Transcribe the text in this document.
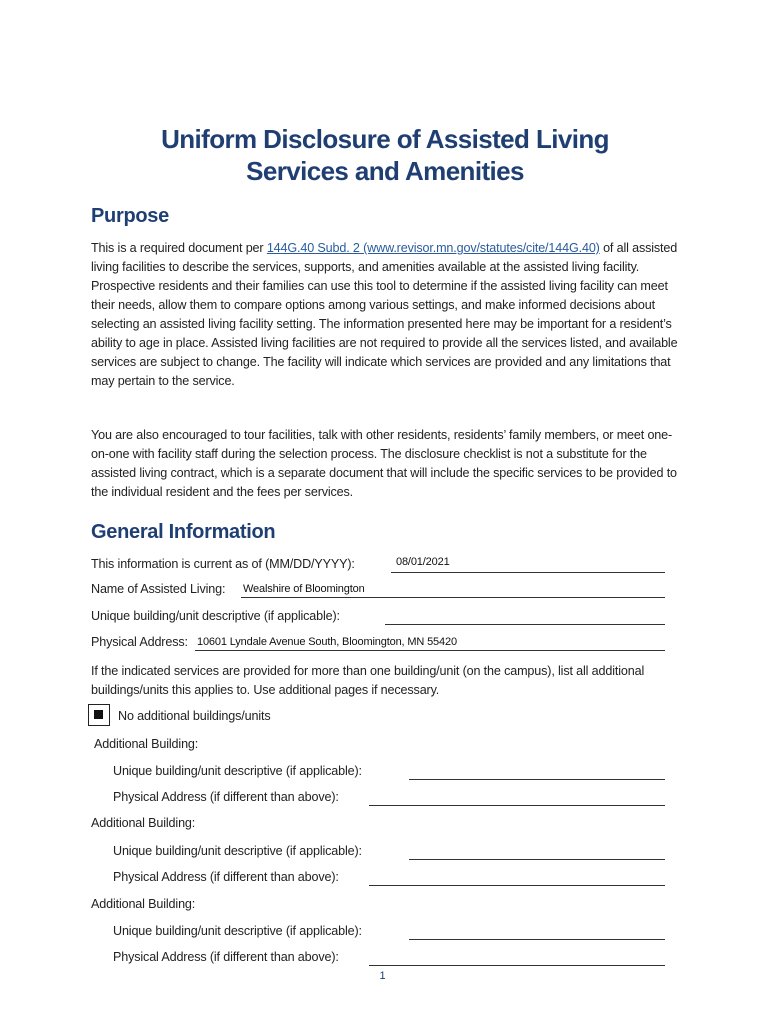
Uniform Disclosure of Assisted Living
Services and Amenities
Purpose
This is a required document per 144G.40 Subd. 2 (www.revisor.mn.gov/statutes/cite/144G.40) of all assisted living facilities to describe the services, supports, and amenities available at the assisted living facility. Prospective residents and their families can use this tool to determine if the assisted living facility can meet their needs, allow them to compare options among various settings, and make informed decisions about selecting an assisted living facility setting. The information presented here may be important for a resident’s ability to age in place. Assisted living facilities are not required to provide all the services listed, and available services are subject to change. The facility will indicate which services are provided and any limitations that may pertain to the service.
You are also encouraged to tour facilities, talk with other residents, residents’ family members, or meet one-on-one with facility staff during the selection process. The disclosure checklist is not a substitute for the assisted living contract, which is a separate document that will include the specific services to be provided to the individual resident and the fees per services.
General Information
This information is current as of (MM/DD/YYYY):	08/01/2021
Name of Assisted Living: Wealshire of Bloomington
Unique building/unit descriptive (if applicable):
Physical Address: 10601 Lyndale Avenue South, Bloomington, MN 55420
If the indicated services are provided for more than one building/unit (on the campus), list all additional buildings/units this applies to. Use additional pages if necessary.
No additional buildings/units
Additional Building:
Unique building/unit descriptive (if applicable):
Physical Address (if different than above):
Additional Building:
Unique building/unit descriptive (if applicable):
Physical Address (if different than above):
Additional Building:
Unique building/unit descriptive (if applicable):
Physical Address (if different than above):
1
